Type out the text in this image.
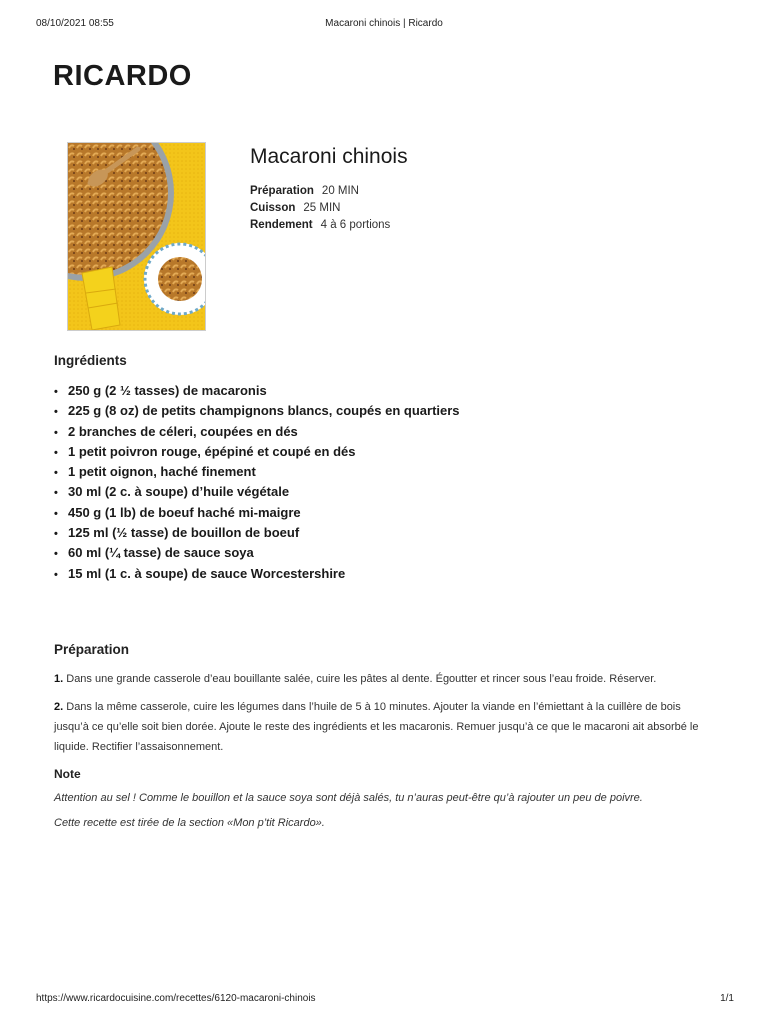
08/10/2021 08:55	Macaroni chinois | Ricardo
RICARDO
Macaroni chinois
Préparation 20 MIN
Cuisson 25 MIN
Rendement 4 à 6 portions
Ingrédients
• 250 g (2 ½ tasses) de macaronis
• 225 g (8 oz) de petits champignons blancs, coupés en quartiers
• 2 branches de céleri, coupées en dés
• 1 petit poivron rouge, épépiné et coupé en dés
• 1 petit oignon, haché finement
• 30 ml (2 c. à soupe) d’huile végétale
• 450 g (1 lb) de boeuf haché mi-maigre
• 125 ml (½ tasse) de bouillon de boeuf
• 60 ml (¼ tasse) de sauce soya
• 15 ml (1 c. à soupe) de sauce Worcestershire
Préparation

1. Dans une grande casserole d’eau bouillante salée, cuire les pâtes al dente. Égoutter et rincer sous l’eau froide. Réserver.

2. Dans la même casserole, cuire les légumes dans l’huile de 5 à 10 minutes. Ajouter la viande en l’émiettant à la cuillère de bois jusqu’à ce qu’elle soit bien dorée. Ajoute le reste des ingrédients et les macaronis. Remuer jusqu’à ce que le macaroni ait absorbé le liquide. Rectifier l’assaisonnement.

Note

Attention au sel ! Comme le bouillon et la sauce soya sont déjà salés, tu n’auras peut-être qu’à rajouter un peu de poivre.

Cette recette est tirée de la section «Mon p’tit Ricardo».

https://www.ricardocuisine.com/recettes/6120-macaroni-chinois	1/1
